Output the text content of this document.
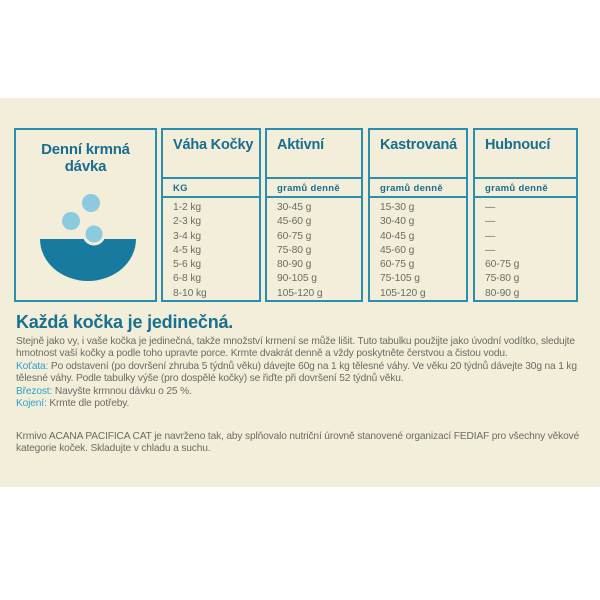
Denní krmná dávka
Váha Kočky
KG
1-2 kg
2-3 kg
3-4 kg
4-5 kg
5-6 kg
6-8 kg
8-10 kg
Aktivní
gramů denně
30-45 g
45-60 g
60-75 g
75-80 g
80-90 g
90-105 g
105-120 g
Kastrovaná
gramů denně
15-30 g
30-40 g
40-45 g
45-60 g
60-75 g
75-105 g
105-120 g
Hubnoucí
gramů denně
—
—
—
—
60-75 g
75-80 g
80-90 g
Každá kočka je jedinečná.

Stejně jako vy, i vaše kočka je jedinečná, takže množství krmení se může lišit. Tuto tabulku použijte jako úvodní vodítko, sledujte hmotnost vaší kočky a podle toho upravte porce. Krmte dvakrát denně a vždy poskytněte čerstvou a čistou vodu.

Koťata: Po odstavení (po dovršení zhruba 5 týdnů věku) dávejte 60g na 1 kg tělesné váhy. Ve věku 20 týdnů dávejte 30g na 1 kg tělesné váhy. Podle tabulky výše (pro dospělé kočky) se řiďte při dovršení 52 týdnů věku.

Březost: Navyšte krmnou dávku o 25 %.

Kojení: Krmte dle potřeby.

Krmivo ACANA PACIFICA CAT je navrženo tak, aby splňovalo nutriční úrovně stanovené organizací FEDIAF pro všechny věkové kategorie koček. Skladujte v chladu a suchu.
